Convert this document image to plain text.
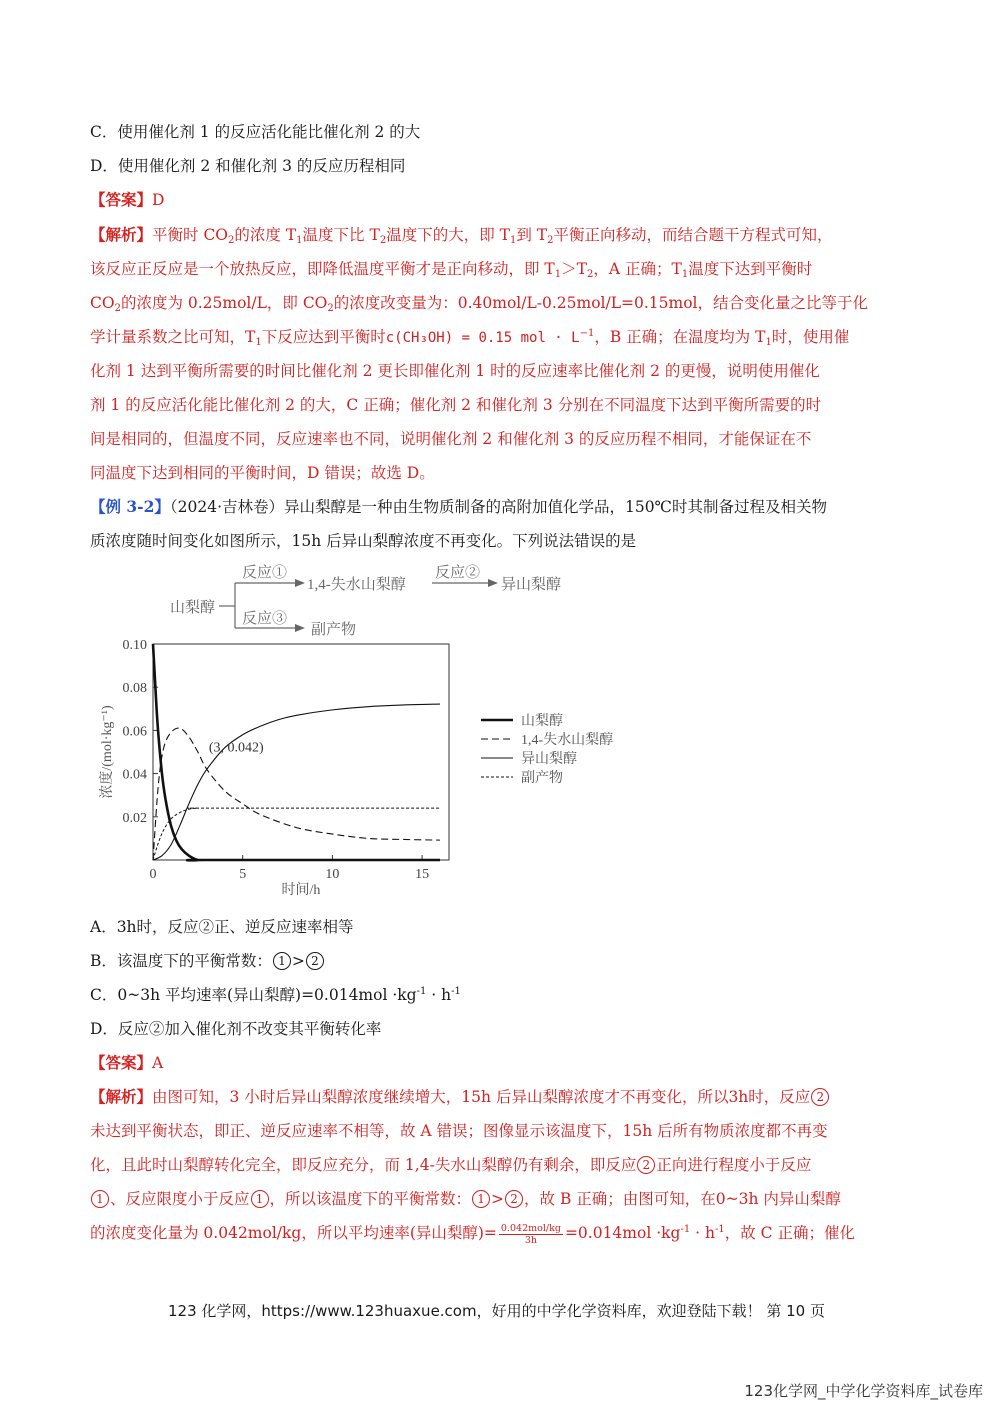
C．使用催化剂 1 的反应活化能比催化剂 2 的大
D．使用催化剂 2 和催化剂 3 的反应历程相同
【答案】D
【解析】平衡时 $CO_2$的浓度 $T_1$温度下比 $T_2$温度下的大，即 $T_1$到 $T_2$平衡正向移动，而结合题干方程式可知，
该反应正反应是一个放热反应，即降低温度平衡才是正向移动，即 $T_1>T_2$，A 正确；$T_1$温度下达到平衡时
$CO_2$的浓度为 0.25mol/L，即 $CO_2$的浓度改变量为：0.40mol/L-0.25mol/L=0.15mol，结合变化量之比等于化
学计量系数之比可知，$T_1$下反应达到平衡时c(CH₃OH) = 0.15 mol · $L^{-1}$，B 正确；在温度均为 $T_1$时，使用催
化剂 1 达到平衡所需要的时间比催化剂 2 更长即催化剂 1 时的反应速率比催化剂 2 的更慢，说明使用催化
剂 1 的反应活化能比催化剂 2 的大，C 正确；催化剂 2 和催化剂 3 分别在不同温度下达到平衡所需要的时
间是相同的，但温度不同，反应速率也不同，说明催化剂 2 和催化剂 3 的反应历程不相同，才能保证在不
同温度下达到相同的平衡时间，D 错误；故选 D。
【例 3-2】（2024·吉林卷）异山梨醇是一种由生物质制备的高附加值化学品，150℃时其制备过程及相关物
质浓度随时间变化如图所示，15h 后异山梨醇浓度不再变化。下列说法错误的是
山梨醇
反应①
1,4-失水山梨醇
反应③
副产物
反应②
异山梨醇
0.02
0.04
0.06
0.08
0.10
0	5	10	15
浓度/(mol·kg⁻¹)
时间/h
(3, 0.042)
山梨醇
1,4-失水山梨醇
异山梨醇
副产物
A．3h时，反应②正、逆反应速率相等
B．该温度下的平衡常数： 1 > 2
C．0~3h 平均速率(异山梨醇)$=0.014mol \cdot kg^{-1} \cdot h^{-1}$
D．反应②加入催化剂不改变其平衡转化率
【答案】A
【解析】由图可知，3 小时后异山梨醇浓度继续增大，15h 后异山梨醇浓度才不再变化，所以3h时，反应 2
未达到平衡状态，即正、逆反应速率不相等，故 A 错误；图像显示该温度下，15h 后所有物质浓度都不再变
化，且此时山梨醇转化完全，即反应充分，而 1,4-失水山梨醇仍有剩余，即反应 2 正向进行程度小于反应
1 、反应限度小于反应 1 ，所以该温度下的平衡常数： 1 > 2 ，故 B 正确；由图可知，在0~3h 内异山梨醇
的浓度变化量为 0.042mol/kg，所以平均速率(异山梨醇)= $\frac{\text{0.042mol/kg}}{3h} =0.014mol \cdot kg^{-1} \cdot h^{-1}$，故 C 正确；催化
123 化学网，https://www.123huaxue.com，好用的中学化学资料库，欢迎登陆下载！ 第 10 页
123化学网_中学化学资料库_试卷库
